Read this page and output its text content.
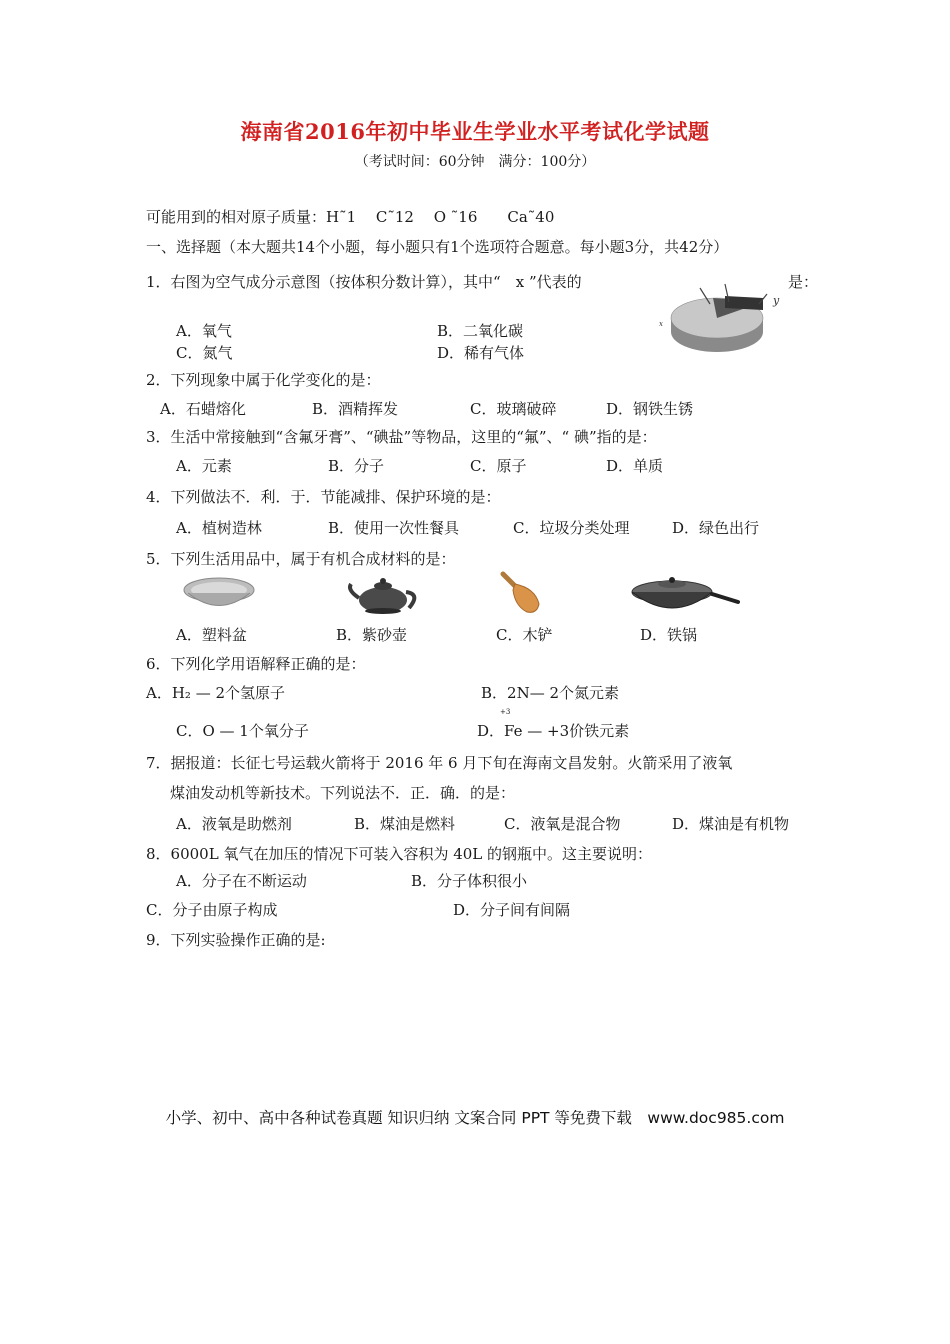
海南省2016年初中毕业生学业水平考试化学试题
（考试时间：60分钟　满分：100分）
可能用到的相对原子质量：H˜1　 C˜12　 O ˜16　　Ca˜40
一、选择题（本大题共14个小题，每小题只有1个选项符合题意。每小题3分，共42分）
1．右图为空气成分示意图（按体积分数计算），其中“　x ”代表的	是：
A．氧气	B．二氧化碳
C．氮气	D．稀有气体
y
x
2．下列现象中属于化学变化的是：
A．石蜡熔化	B．酒精挥发	C．玻璃破碎	D．钢铁生锈
3．生活中常接触到“含氟牙膏”、“碘盐”等物品，这里的“氟”、“ 碘”指的是：
A．元素	B．分子	C．原子	D．单质
4．下列做法不．利．于．节能减排、保护环境的是：
A．植树造林	B．使用一次性餐具	C．垃圾分类处理	D．绿色出行
5．下列生活用品中，属于有机合成材料的是：
A．塑料盆	B．紫砂壶	C．木铲	D．铁锅
6．下列化学用语解释正确的是：
A．H₂ — 2个氢原子	B．2N— 2个氮元素
C．O — 1个氧分子
+3
D．Fe — +3价铁元素
7．据报道：长征七号运载火箭将于 2016 年 6 月下旬在海南文昌发射。火箭采用了液氧
煤油发动机等新技术。下列说法不．正．确．的是：
A．液氧是助燃剂	B．煤油是燃料	C．液氧是混合物	D．煤油是有机物
8．6000L 氧气在加压的情况下可装入容积为 40L 的钢瓶中。这主要说明：
A．分子在不断运动	B．分子体积很小
C．分子由原子构成	D．分子间有间隔
9．下列实验操作正确的是:
小学、初中、高中各种试卷真题 知识归纳 文案合同 PPT 等免费下载　www.doc985.com
